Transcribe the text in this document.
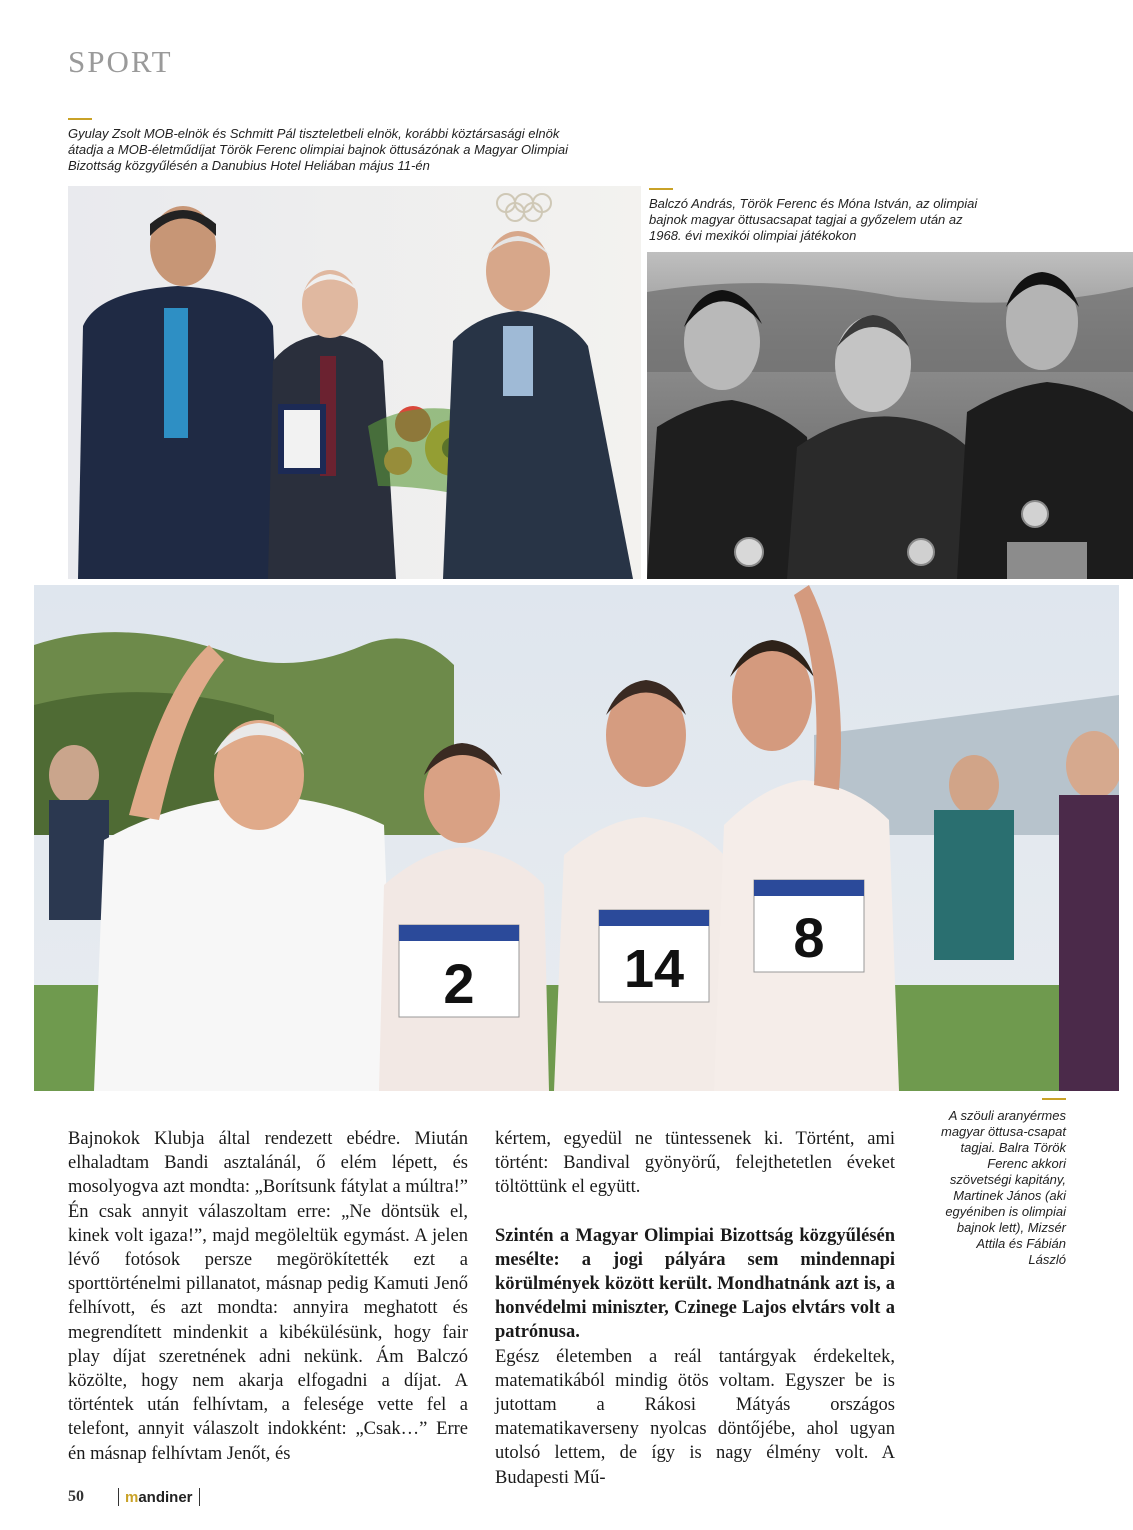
SPORT
Gyulay Zsolt MOB-elnök és Schmitt Pál tiszteletbeli elnök, korábbi köztársasági elnök átadja a MOB-életműdíjat Török Ferenc olimpiai bajnok öttusázónak a Magyar Olimpiai Bizottság közgyűlésén a Danubius Hotel Heliában május 11-én
Balczó András, Török Ferenc és Móna István, az olimpiai bajnok magyar öttusacsapat tagjai a győzelem után az 1968. évi mexikói olimpiai játékokon
2	14 8
A szöuli aranyérmes magyar öttusa-csapat tagjai. Balra Török Ferenc akkori szövetségi kapitány, Martinek János (aki egyéniben is olimpiai bajnok lett), Mizsér Attila és Fábián László

Bajnokok Klubja által rendezett ebédre. Miután elhaladtam Bandi asztalánál, ő elém lépett, és mosolyogva azt mondta: „Borítsunk fátylat a múltra!” Én csak annyit válaszoltam erre: „Ne döntsük el, kinek volt igaza!”, majd megöleltük egymást. A jelen lévő fotósok persze megörökítették ezt a sporttörténelmi pillanatot, másnap pedig Kamuti Jenő felhívott, és azt mondta: annyira meghatott és megrendített mindenkit a kibékülésünk, hogy fair play díjat szeretnének adni nekünk. Ám Balczó közölte, hogy nem akarja elfogadni a díjat. A történtek után felhívtam, a felesége vette fel a telefont, annyit válaszolt indokként: „Csak…” Erre én másnap felhívtam Jenőt, és

kértem, egyedül ne tüntessenek ki. Történt, ami történt: Bandival gyönyörű, felejthetetlen éveket töltöttünk el együtt.

Szintén a Magyar Olimpiai Bizottság közgyűlésén mesélte: a jogi pályára sem mindennapi körülmények között került. Mondhatnánk azt is, a honvédelmi miniszter, Czinege Lajos elvtárs volt a patrónusa.

Egész életemben a reál tantárgyak érdekeltek, matematikából mindig ötös voltam. Egyszer be is jutottam a Rákosi Mátyás országos matematikaverseny nyolcas döntőjébe, ahol ugyan utolsó lettem, de így is nagy élmény volt. A Budapesti Mű-

50	mandiner
